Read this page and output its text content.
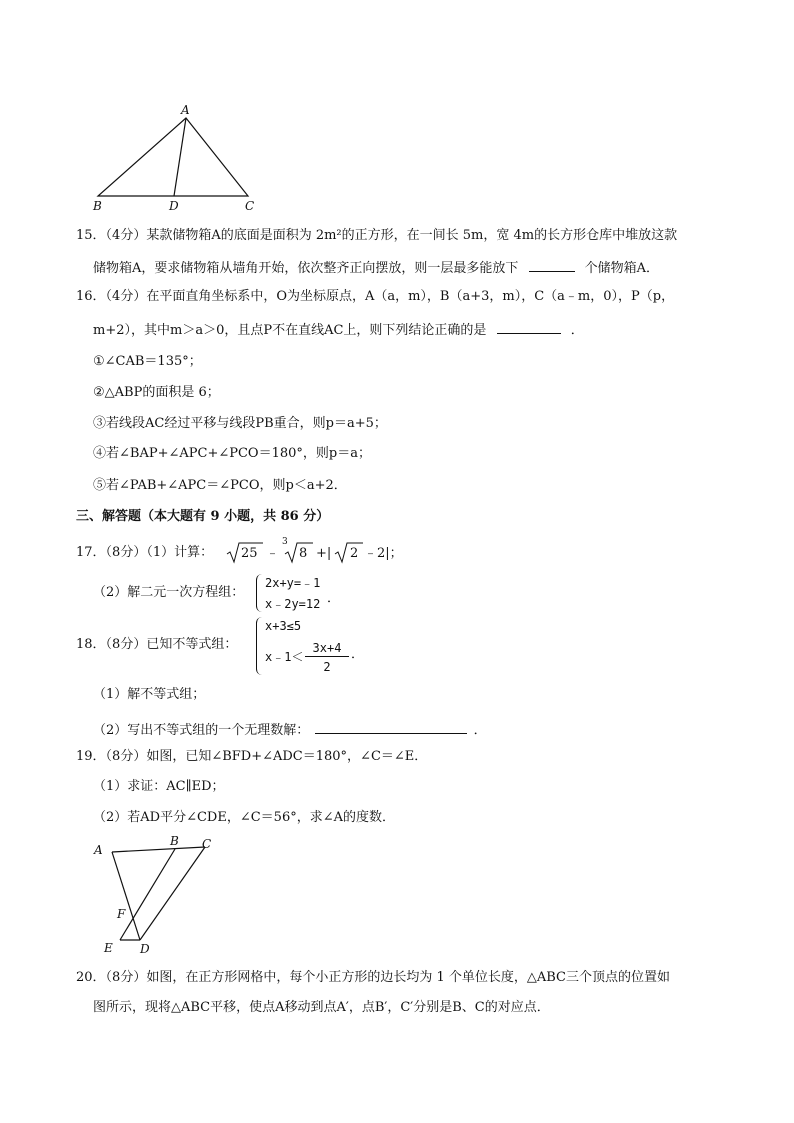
A
B	D	C
15．（4分）某款储物箱A的底面是面积为 2m²的正方形，在一间长 5m，宽 4m的长方形仓库中堆放这款
储物箱A，要求储物箱从墙角开始，依次整齐正向摆放，则一层最多能放下	个储物箱A．
16．（4分）在平面直角坐标系中，O为坐标原点，A（a，m），B（a+3，m），C（a﹣m，0），P（p，
m+2），其中m＞a＞0，且点P不在直线AC上，则下列结论正确的是	．
①∠CAB＝135°；
②△ABP的面积是 6；
③若线段AC经过平移与线段PB重合，则p＝a+5；
④若∠BAP+∠APC+∠PCO＝180°，则p＝a；
⑤若∠PAB+∠APC＝∠PCO，则p＜a+2．
三、解答题（本大题有 9 小题，共 86 分）
17．（8分）（1）计算： 25 ﹣
3
8 +| 2 ﹣2|；
（2）解二元一次方程组：
2x+y=﹣1
x﹣2y=12 ．
18．（8分）已知不等式组：
x+3≤5
x﹣1＜
3x+4
2
．
（1）解不等式组；
（2）写出不等式组的一个无理数解：	．
19．（8分）如图，已知∠BFD+∠ADC＝180°，∠C＝∠E．
（1）求证：AC∥ED；
（2）若AD平分∠CDE，∠C＝56°，求∠A的度数．
A
B C
F
E D
20．（8分）如图，在正方形网格中，每个小正方形的边长均为 1 个单位长度，△ABC三个顶点的位置如
图所示，现将△ABC平移，使点A移动到点A′，点B′，C′分别是B、C的对应点．
